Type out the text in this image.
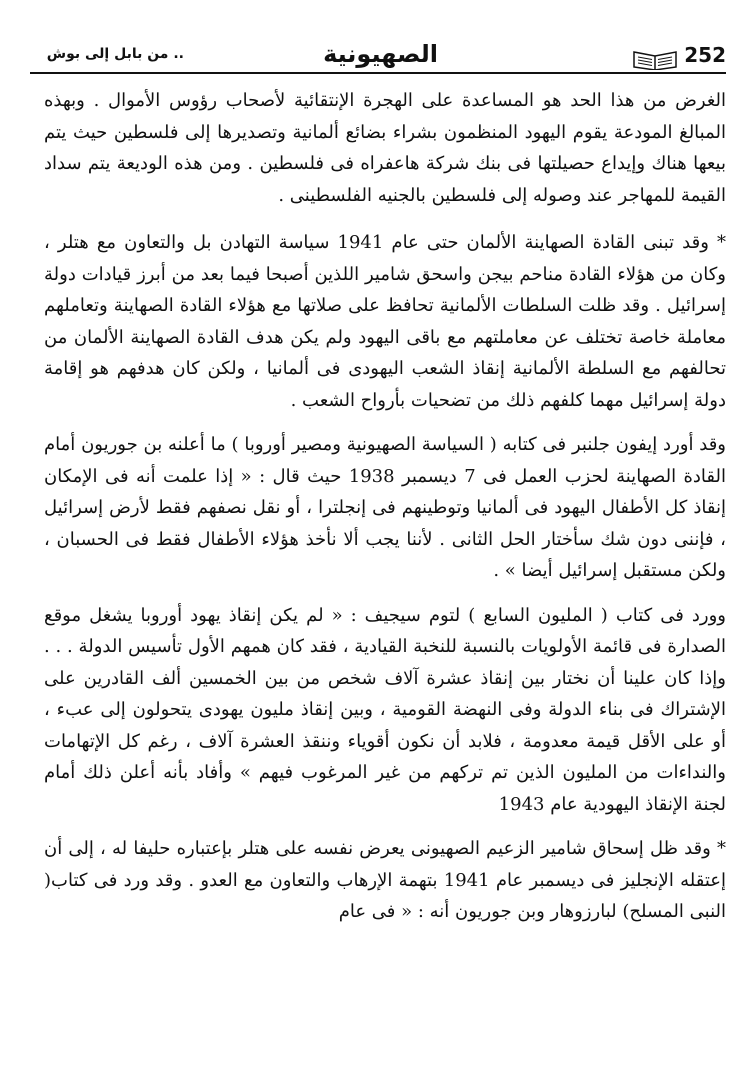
252
الصهيونية
.. من بابل إلى بوش

الغرض من هذا الحد هو المساعدة على الهجرة الإنتقائية لأصحاب رؤوس الأموال . وبهذه المبالغ المودعة يقوم اليهود المنظمون بشراء بضائع ألمانية وتصديرها إلى فلسطين حيث يتم بيعها هناك وإيداع حصيلتها فى بنك شركة هاعفراه فى فلسطين . ومن هذه الوديعة يتم سداد القيمة للمهاجر عند وصوله إلى فلسطين بالجنيه الفلسطينى .

* وقد تبنى القادة الصهاينة الألمان حتى عام 1941 سياسة التهادن بل والتعاون مع هتلر ، وكان من هؤلاء القادة مناحم بيجن واسحق شامير اللذين أصبحا فيما بعد من أبرز قيادات دولة إسرائيل . وقد ظلت السلطات الألمانية تحافظ على صلاتها مع هؤلاء القادة الصهاينة وتعاملهم معاملة خاصة تختلف عن معاملتهم مع باقى اليهود ولم يكن هدف القادة الصهاينة الألمان من تحالفهم مع السلطة الألمانية إنقاذ الشعب اليهودى فى ألمانيا ، ولكن كان هدفهم هو إقامة دولة إسرائيل مهما كلفهم ذلك من تضحيات بأرواح الشعب .

وقد أورد إيفون جلنبر فى كتابه ( السياسة الصهيونية ومصير أوروبا ) ما أعلنه بن جوريون أمام القادة الصهاينة لحزب العمل فى 7 ديسمبر 1938 حيث قال : « إذا علمت أنه فى الإمكان إنقاذ كل الأطفال اليهود فى ألمانيا وتوطينهم فى إنجلترا ، أو نقل نصفهم فقط لأرض إسرائيل ، فإننى دون شك سأختار الحل الثانى . لأننا يجب ألا نأخذ هؤلاء الأطفال فقط فى الحسبان ، ولكن مستقبل إسرائيل أيضا » .

وورد فى كتاب ( المليون السابع ) لتوم سيجيف : « لم يكن إنقاذ يهود أوروبا يشغل موقع الصدارة فى قائمة الأولويات بالنسبة للنخبة القيادية ، فقد كان همهم الأول تأسيس الدولة . . . وإذا كان علينا أن نختار بين إنقاذ عشرة آلاف شخص من بين الخمسين ألف القادرين على الإشتراك فى بناء الدولة وفى النهضة القومية ، وبين إنقاذ مليون يهودى يتحولون إلى عبء ، أو على الأقل قيمة معدومة ، فلابد أن نكون أقوياء وننقذ العشرة آلاف ، رغم كل الإتهامات والنداءات من المليون الذين تم تركهم من غير المرغوب فيهم » وأفاد بأنه أعلن ذلك أمام لجنة الإنقاذ اليهودية عام 1943

* وقد ظل إسحاق شامير الزعيم الصهيونى يعرض نفسه على هتلر بإعتباره حليفا له ، إلى أن إعتقله الإنجليز فى ديسمبر عام 1941 بتهمة الإرهاب والتعاون مع العدو . وقد ورد فى كتاب( النبى المسلح) لبارزوهار وبن جوريون أنه : « فى عام
